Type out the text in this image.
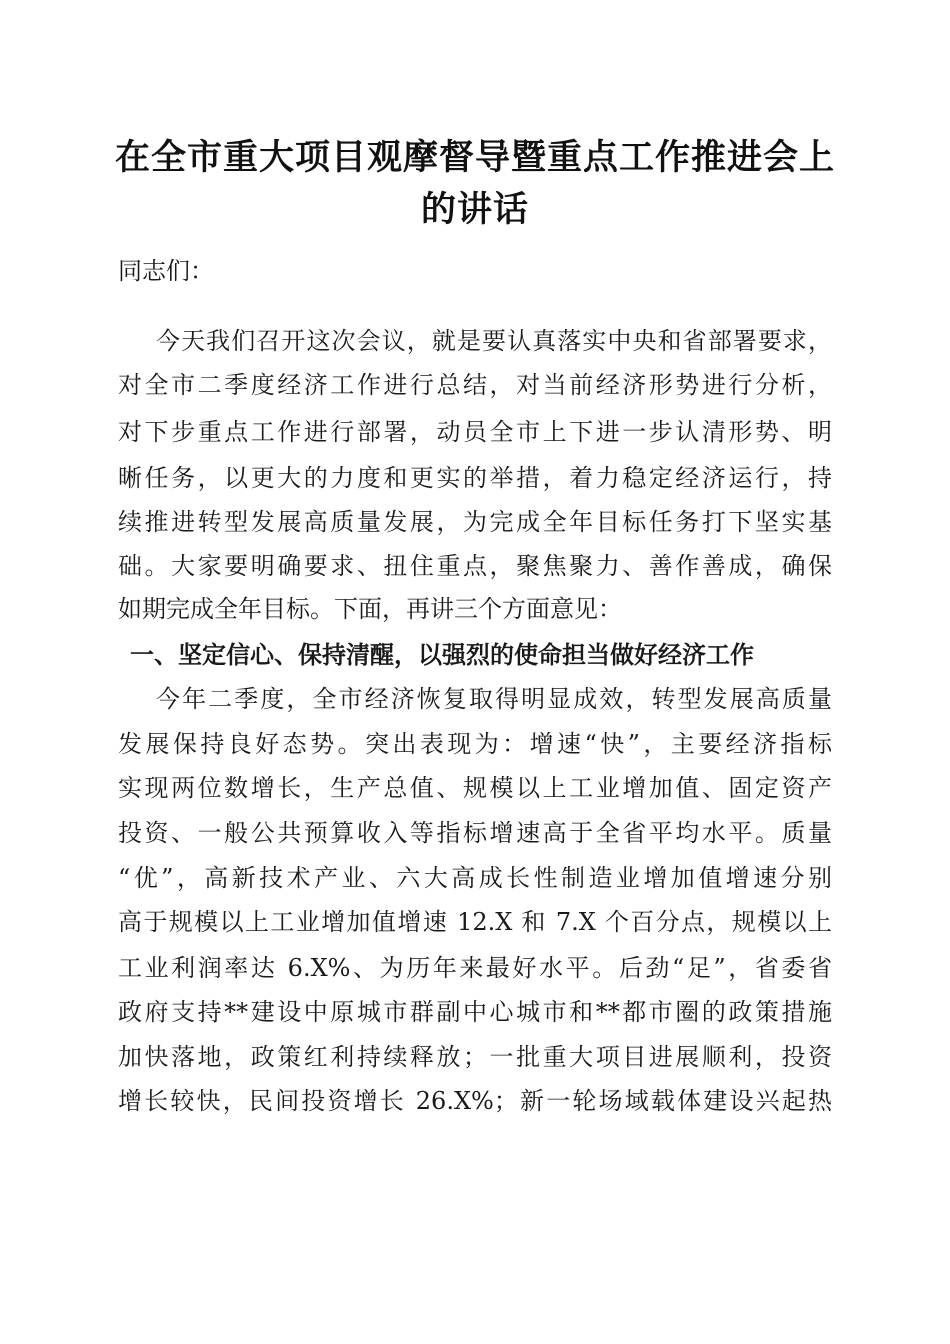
在全市重大项目观摩督导暨重点工作推进会上
的讲话
同志们：
今天我们召开这次会议，就是要认真落实中央和省部署要求，
对全市二季度经济工作进行总结，对当前经济形势进行分析，
对下步重点工作进行部署，动员全市上下进一步认清形势、明
晰任务，以更大的力度和更实的举措，着力稳定经济运行，持
续推进转型发展高质量发展，为完成全年目标任务打下坚实基
础。大家要明确要求、扭住重点，聚焦聚力、善作善成，确保
如期完成全年目标。下面，再讲三个方面意见：
一、坚定信心、保持清醒，以强烈的使命担当做好经济工作
今年二季度，全市经济恢复取得明显成效，转型发展高质量
发展保持良好态势。突出表现为：增速“快”，主要经济指标
实现两位数增长，生产总值、规模以上工业增加值、固定资产
投资、一般公共预算收入等指标增速高于全省平均水平。质量
“优”，高新技术产业、六大高成长性制造业增加值增速分别
高于规模以上工业增加值增速 12.X 和 7.X 个百分点，规模以上
工业利润率达 6.X%、为历年来最好水平。后劲“足”，省委省
政府支持**建设中原城市群副中心城市和**都市圈的政策措施
加快落地，政策红利持续释放；一批重大项目进展顺利，投资
增长较快，民间投资增长 26.X%；新一轮场域载体建设兴起热
